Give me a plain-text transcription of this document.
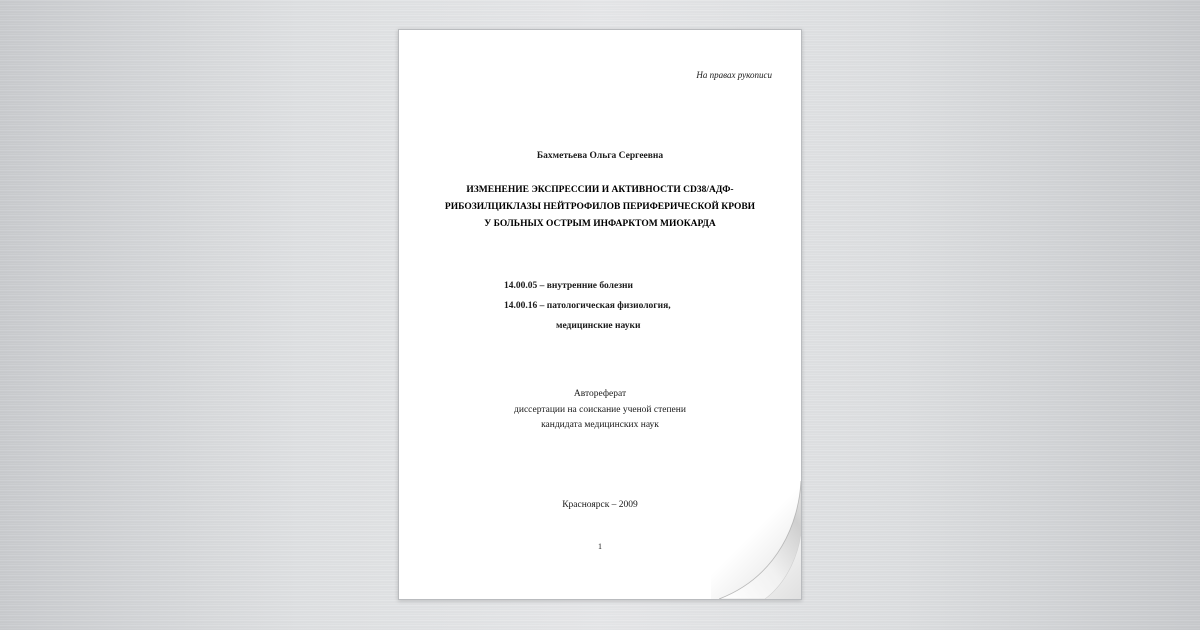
На правах рукописи
Бахметьева Ольга Сергеевна
ИЗМЕНЕНИЕ ЭКСПРЕССИИ И АКТИВНОСТИ CD38/АДФ-
РИБОЗИЛЦИКЛАЗЫ НЕЙТРОФИЛОВ ПЕРИФЕРИЧЕСКОЙ КРОВИ
У БОЛЬНЫХ ОСТРЫМ ИНФАРКТОМ МИОКАРДА
14.00.05 – внутренние болезни
14.00.16 – патологическая физиология,
медицинские науки
Автореферат
диссертации на соискание ученой степени
кандидата медицинских наук
Красноярск – 2009
1
